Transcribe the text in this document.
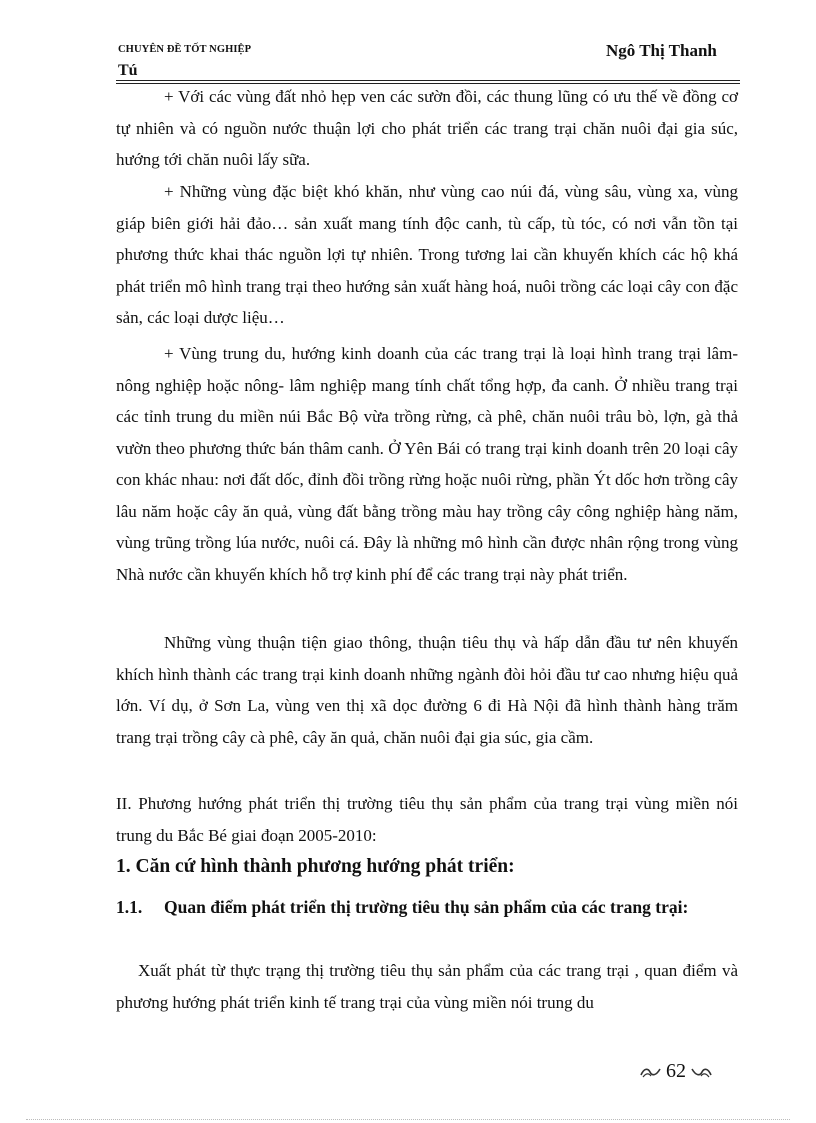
CHUYÊN ĐỀ TỐT NGHIỆP	Ngô Thị Thanh
Tú
+ Với các vùng đất nhỏ hẹp ven các sườn đồi, các thung lũng có ưu thế về đồng cơ tự nhiên và có nguồn nước thuận lợi cho phát triển các trang trại chăn nuôi đại gia súc, hướng tới chăn nuôi lấy sữa.
+ Những vùng đặc biệt khó khăn, như vùng cao núi đá, vùng sâu, vùng xa, vùng giáp biên giới hải đảo… sản xuất mang tính độc canh, tù cấp, tù tóc, có nơi vẫn tồn tại phương thức khai thác nguồn lợi tự nhiên. Trong tương lai cần khuyến khích các hộ khá phát triển mô hình trang trại theo hướng sản xuất hàng hoá, nuôi trồng các loại cây con đặc sản, các loại dược liệu…
+ Vùng trung du, hướng kinh doanh của các trang trại là loại hình trang trại lâm- nông nghiệp hoặc nông- lâm nghiệp mang tính chất tổng hợp, đa canh. Ở nhiều trang trại các tỉnh trung du miền núi Bắc Bộ vừa trồng rừng, cà phê, chăn nuôi trâu bò, lợn, gà thả vườn theo phương thức bán thâm canh. Ở Yên Bái có trang trại kinh doanh trên 20 loại cây con khác nhau: nơi đất dốc, đỉnh đồi trồng rừng hoặc nuôi rừng, phần Ýt dốc hơn trồng cây lâu năm hoặc cây ăn quả, vùng đất bằng trồng màu hay trồng cây công nghiệp hàng năm, vùng trũng trồng lúa nước, nuôi cá. Đây là những mô hình cần được nhân rộng trong vùng Nhà nước cần khuyến khích hỗ trợ kinh phí để các trang trại này phát triển.
Những vùng thuận tiện giao thông, thuận tiêu thụ và hấp dẫn đầu tư nên khuyến khích hình thành các trang trại kinh doanh những ngành đòi hỏi đầu tư cao nhưng hiệu quả lớn. Ví dụ, ở Sơn La, vùng ven thị xã dọc đường 6 đi Hà Nội đã hình thành hàng trăm trang trại trồng cây cà phê, cây ăn quả, chăn nuôi đại gia súc, gia cầm.
II. Phương hướng phát triển thị trường tiêu thụ sản phẩm của trang trại vùng miền nói trung du Bắc Bé giai đoạn 2005-2010:
1. Căn cứ hình thành phương hướng phát triển:
1.1. Quan điểm phát triển thị trường tiêu thụ sản phẩm của các trang trại:
Xuất phát từ thực trạng thị trường tiêu thụ sản phẩm của các trang trại , quan điểm và phương hướng phát triển kinh tế trang trại của vùng miền nói trung du
62
